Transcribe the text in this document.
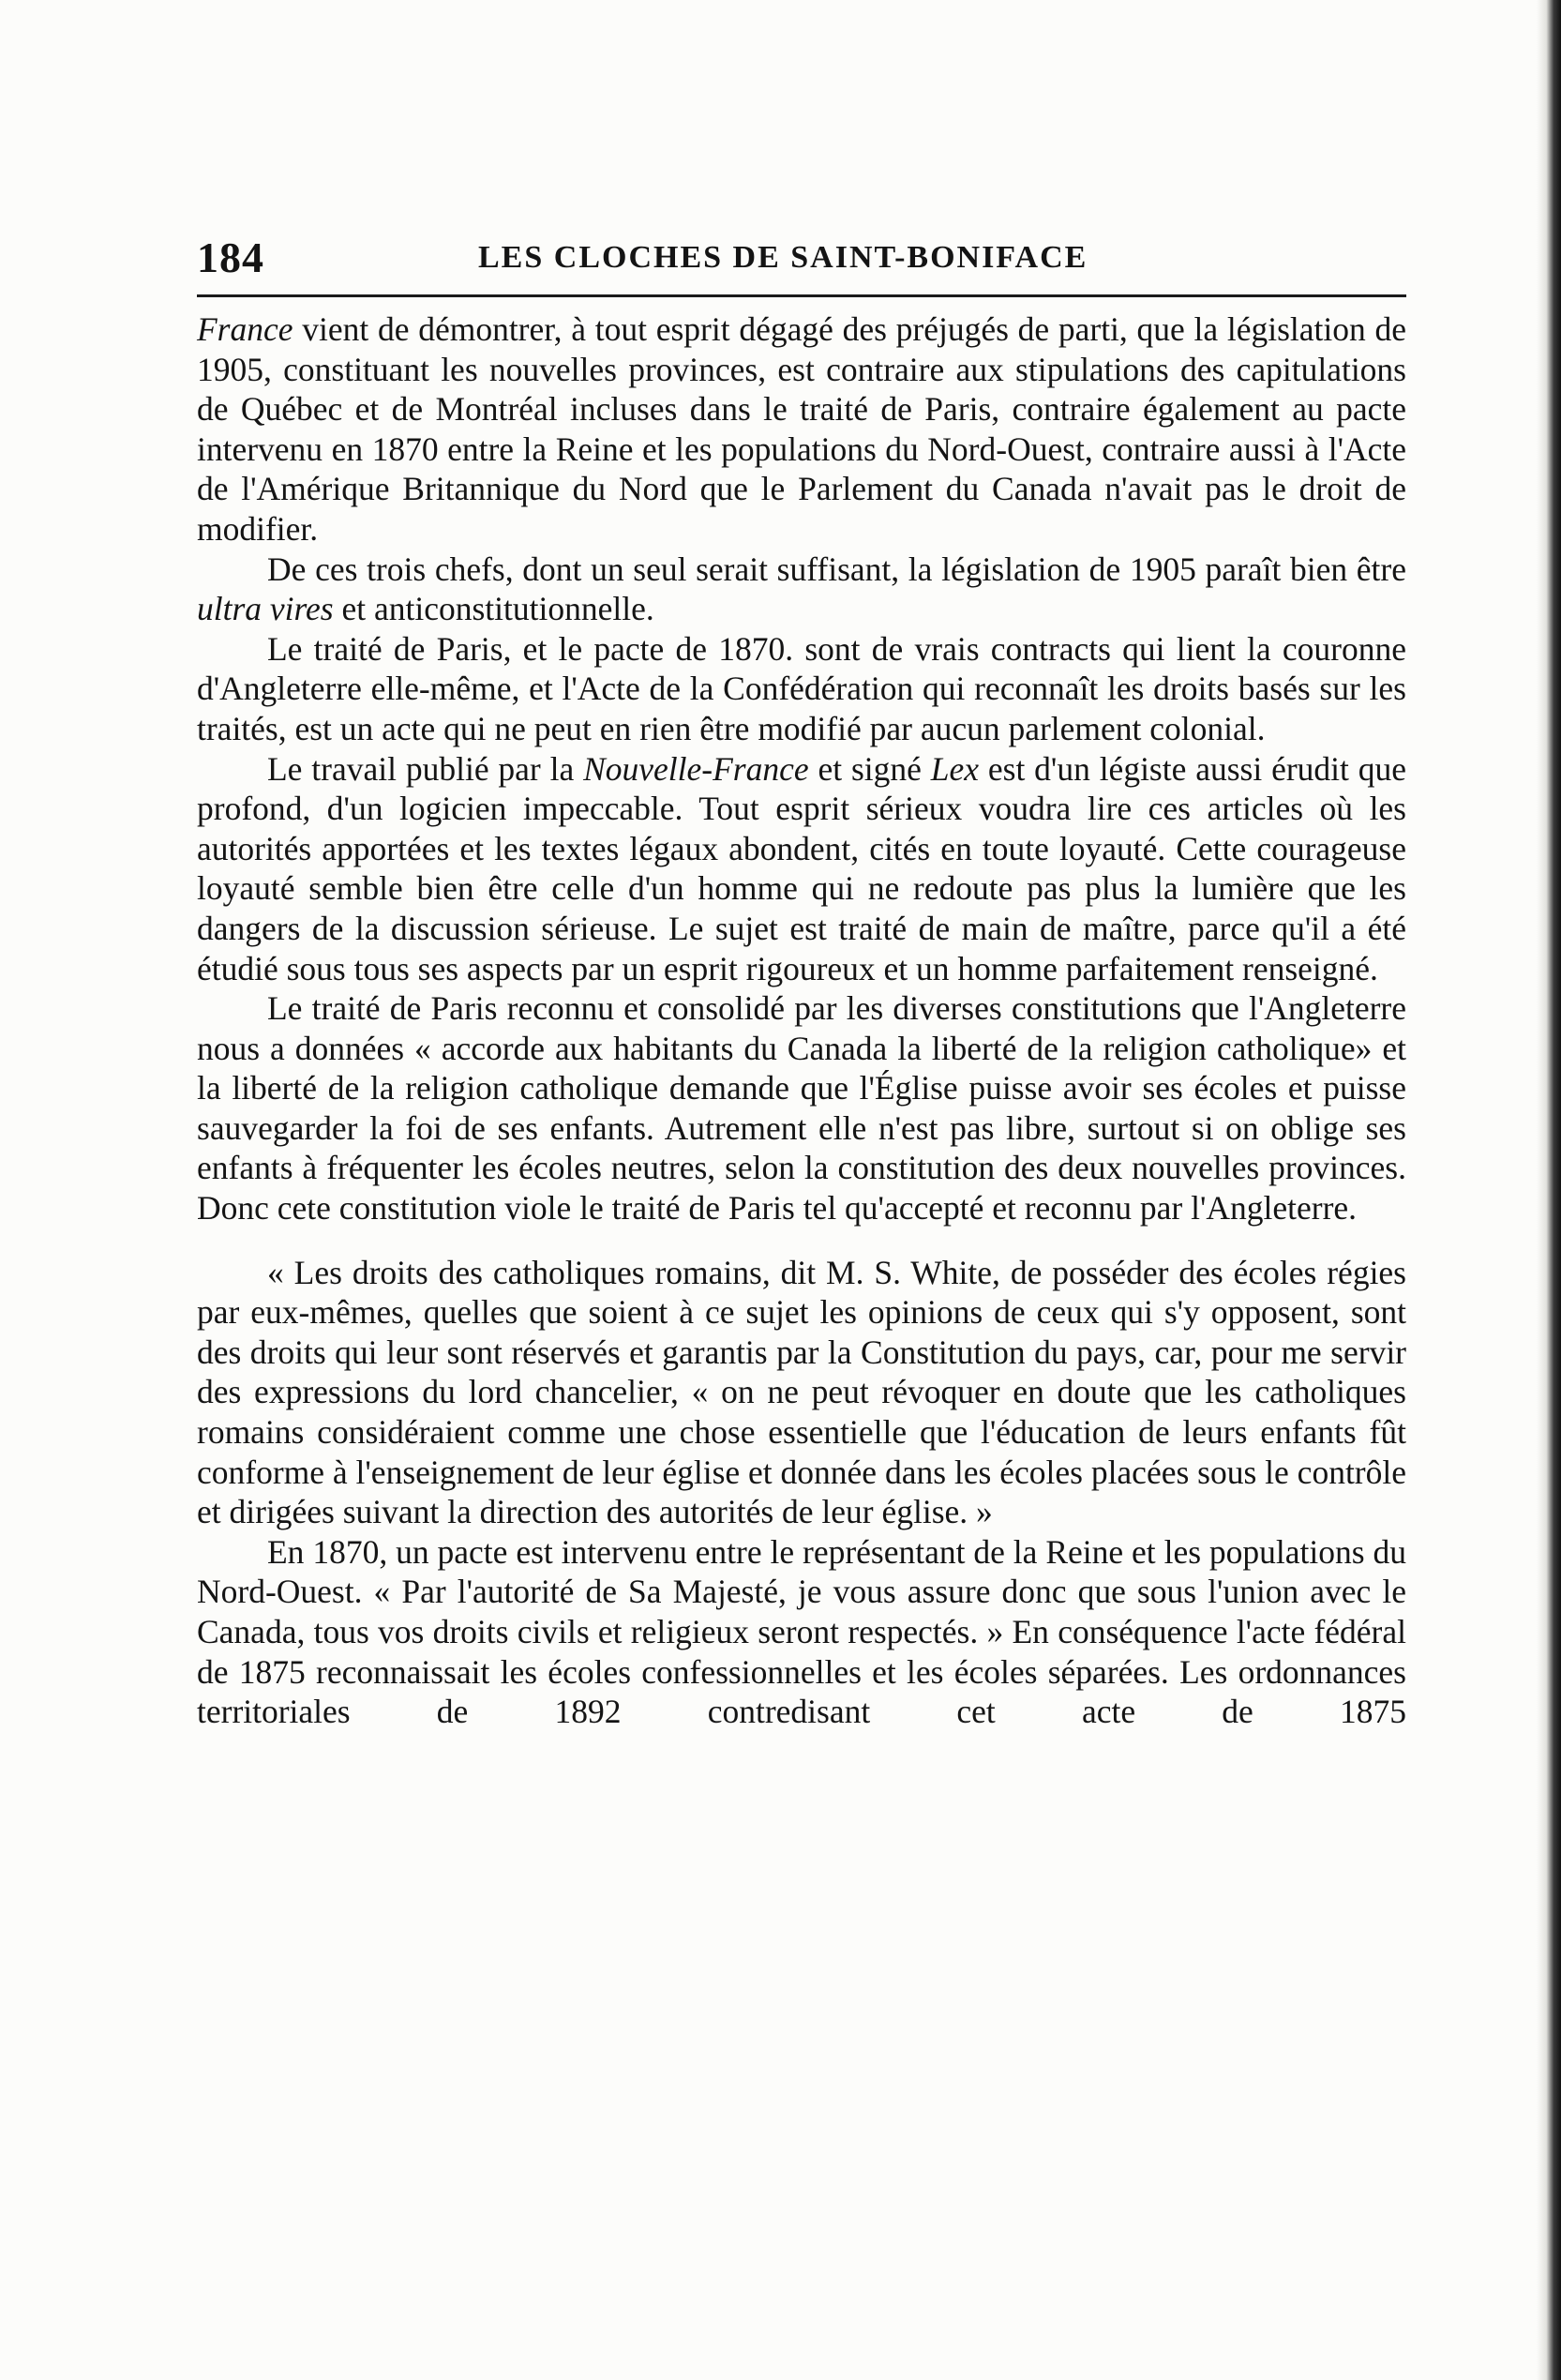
184	LES CLOCHES DE SAINT-BONIFACE

France vient de démontrer, à tout esprit dégagé des préjugés de parti, que la législation de 1905, constituant les nouvelles provinces, est contraire aux stipulations des capitulations de Québec et de Montréal incluses dans le traité de Paris, contraire également au pacte intervenu en 1870 entre la Reine et les populations du Nord-Ouest, contraire aussi à l'Acte de l'Amérique Britannique du Nord que le Parlement du Canada n'avait pas le droit de modifier.

De ces trois chefs, dont un seul serait suffisant, la législation de 1905 paraît bien être ultra vires et anticonstitutionnelle.

Le traité de Paris, et le pacte de 1870. sont de vrais contracts qui lient la couronne d'Angleterre elle-même, et l'Acte de la Confédération qui reconnaît les droits basés sur les traités, est un acte qui ne peut en rien être modifié par aucun parlement colonial.

Le travail publié par la Nouvelle-France et signé Lex est d'un légiste aussi érudit que profond, d'un logicien impeccable. Tout esprit sérieux voudra lire ces articles où les autorités apportées et les textes légaux abondent, cités en toute loyauté. Cette courageuse loyauté semble bien être celle d'un homme qui ne redoute pas plus la lumière que les dangers de la discussion sérieuse. Le sujet est traité de main de maître, parce qu'il a été étudié sous tous ses aspects par un esprit rigoureux et un homme parfaitement renseigné.

Le traité de Paris reconnu et consolidé par les diverses constitutions que l'Angleterre nous a données « accorde aux habitants du Canada la liberté de la religion catholique» et la liberté de la religion catholique demande que l'Église puisse avoir ses écoles et puisse sauvegarder la foi de ses enfants. Autrement elle n'est pas libre, surtout si on oblige ses enfants à fréquenter les écoles neutres, selon la constitution des deux nouvelles provinces. Donc cete constitution viole le traité de Paris tel qu'accepté et reconnu par l'Angleterre.

« Les droits des catholiques romains, dit M. S. White, de posséder des écoles régies par eux-mêmes, quelles que soient à ce sujet les opinions de ceux qui s'y opposent, sont des droits qui leur sont réservés et garantis par la Constitution du pays, car, pour me servir des expressions du lord chancelier, « on ne peut révoquer en doute que les catholiques romains considéraient comme une chose essentielle que l'éducation de leurs enfants fût conforme à l'enseignement de leur église et donnée dans les écoles placées sous le contrôle et dirigées suivant la direction des autorités de leur église. »

En 1870, un pacte est intervenu entre le représentant de la Reine et les populations du Nord-Ouest. « Par l'autorité de Sa Majesté, je vous assure donc que sous l'union avec le Canada, tous vos droits civils et religieux seront respectés. » En conséquence l'acte fédéral de 1875 reconnaissait les écoles confessionnelles et les écoles séparées. Les ordonnances territoriales de 1892 contredisant cet acte de 1875
